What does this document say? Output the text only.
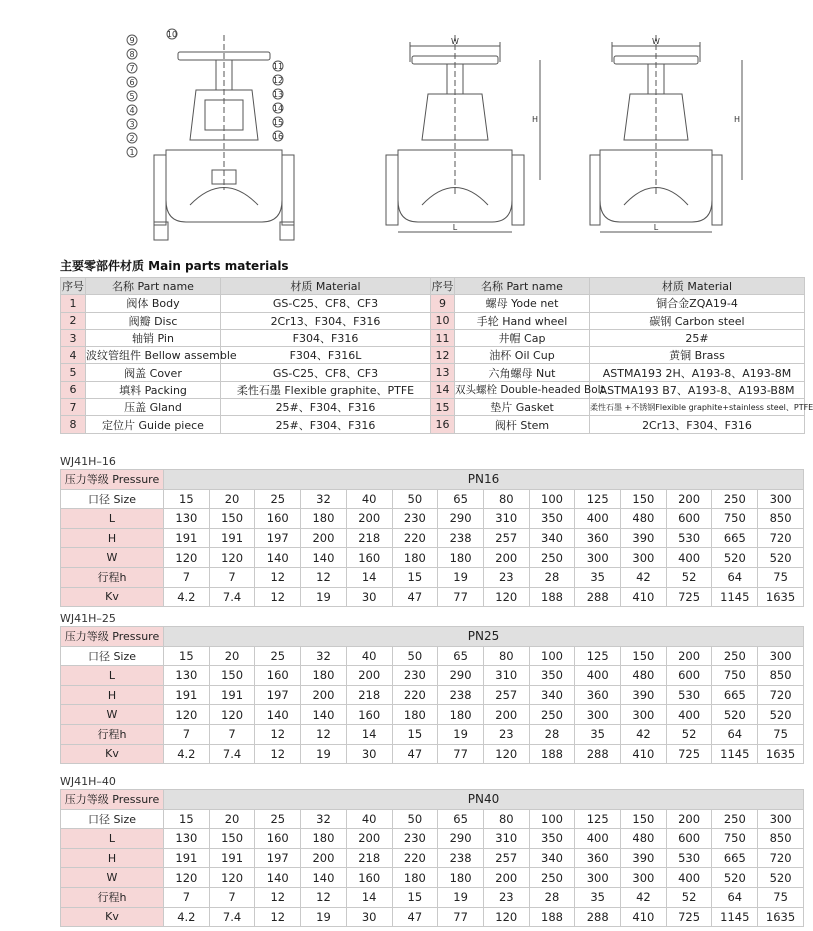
1
2
3
4
5
6
7
8
9
10
11
12
13
14
15
16
W
H
L
W
H
L
主要零部件材质 Main parts materials
序号	名称 Part name	材质 Material	序号	名称 Part name	材质 Material
1	阀体 Body	GS-C25、CF8、CF3	9	螺母 Yode net	铜合金ZQA19-4
2	阀瓣 Disc	2Cr13、F304、F316	10	手轮 Hand wheel	碳钢 Carbon steel
3	轴销 Pin	F304、F316	11	井帽 Cap	25#
4	波纹管组件 Bellow assemble	F304、F316L	12	油杯 Oil Cup	黄铜 Brass
5	阀盖 Cover	GS-C25、CF8、CF3	13	六角螺母 Nut	ASTMA193 2H、A193-8、A193-8M
6	填料 Packing	柔性石墨 Flexible graphite、PTFE	14	双头螺栓 Double-headed Bolt	ASTMA193 B7、A193-8、A193-B8M
7	压盖 Gland	25#、F304、F316	15	垫片 Gasket	柔性石墨 +不锈钢Flexible graphite+stainless steel、PTFE
8	定位片 Guide piece	25#、F304、F316	16	阀杆 Stem	2Cr13、F304、F316
WJ41H–16
压力等级 Pressure	PN16													
口径 Size	15	20	25	32	40	50	65	80	100	125	150	200	250	300
L	130	150	160	180	200	230	290	310	350	400	480	600	750	850
H	191	191	197	200	218	220	238	257	340	360	390	530	665	720
W	120	120	140	140	160	180	180	200	250	300	300	400	520	520
行程h	7	7	12	12	14	15	19	23	28	35	42	52	64	75
Kv	4.2	7.4	12	19	30	47	77	120	188	288	410	725	1145	1635
WJ41H–25
压力等级 Pressure	PN25													
口径 Size	15	20	25	32	40	50	65	80	100	125	150	200	250	300
L	130	150	160	180	200	230	290	310	350	400	480	600	750	850
H	191	191	197	200	218	220	238	257	340	360	390	530	665	720
W	120	120	140	140	160	180	180	200	250	300	300	400	520	520
行程h	7	7	12	12	14	15	19	23	28	35	42	52	64	75
Kv	4.2	7.4	12	19	30	47	77	120	188	288	410	725	1145	1635
WJ41H–40
压力等级 Pressure	PN40													
口径 Size	15	20	25	32	40	50	65	80	100	125	150	200	250	300
L	130	150	160	180	200	230	290	310	350	400	480	600	750	850
H	191	191	197	200	218	220	238	257	340	360	390	530	665	720
W	120	120	140	140	160	180	180	200	250	300	300	400	520	520
行程h	7	7	12	12	14	15	19	23	28	35	42	52	64	75
Kv	4.2	7.4	12	19	30	47	77	120	188	288	410	725	1145	1635
